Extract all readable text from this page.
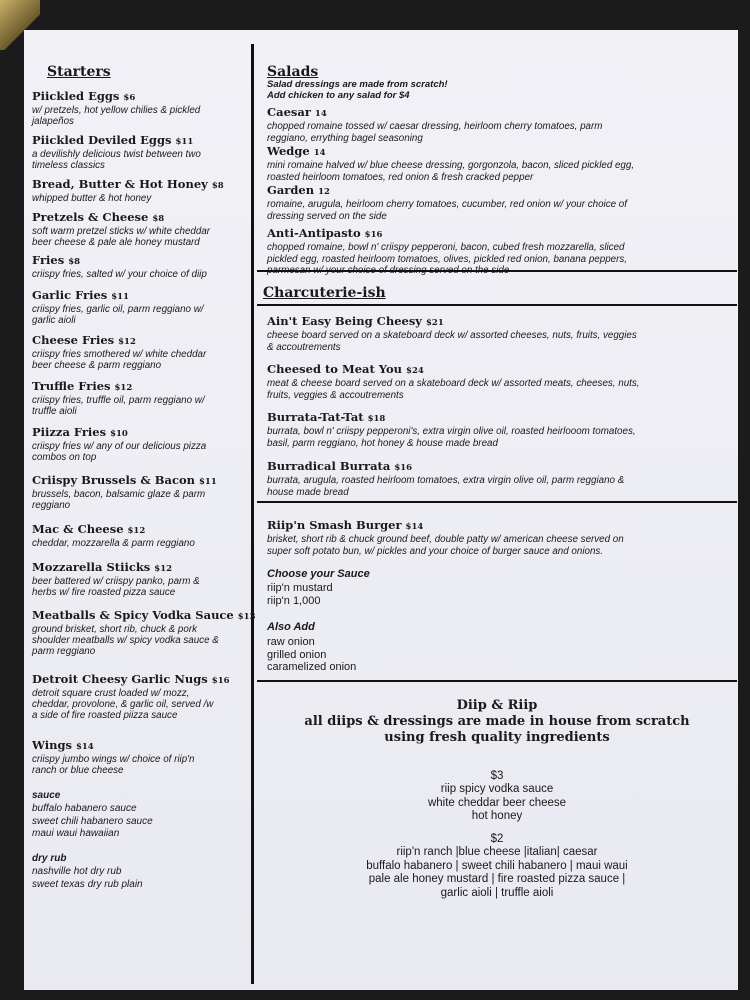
Starters
Piickled Eggs $6
w/ pretzels, hot yellow chilies & pickled
jalapeños
Piickled Deviled Eggs $11
a devilishly delicious twist between two
timeless classics
Bread, Butter & Hot Honey $8
whipped butter & hot honey
Pretzels & Cheese $8
soft warm pretzel sticks w/ white cheddar
beer cheese & pale ale honey mustard
Fries $8
criispy fries, salted w/ your choice of diip
Garlic Fries $11
criispy fries, garlic oil, parm reggiano w/
garlic aioli
Cheese Fries $12
criispy fries smothered w/ white cheddar
beer cheese & parm reggiano
Truffle Fries $12
criispy fries, truffle oil, parm reggiano w/
truffle aioli
Piizza Fries $10
criispy fries w/ any of our delicious pizza
combos on top
Criispy Brussels & Bacon $11
brussels, bacon, balsamic glaze & parm
reggiano
Mac & Cheese $12
cheddar, mozzarella & parm reggiano
Mozzarella Stiicks $12
beer battered w/ criispy panko, parm &
herbs w/ fire roasted pizza sauce
Meatballs & Spicy Vodka Sauce $13
ground brisket, short rib, chuck & pork
shoulder meatballs w/ spicy vodka sauce &
parm reggiano
Detroit Cheesy Garlic Nugs $16
detroit square crust loaded w/ mozz,
cheddar, provolone, & garlic oil, served /w
a side of fire roasted piizza sauce
Wings $14
criispy jumbo wings w/ choice of riip'n
ranch or blue cheese
sauce
buffalo habanero sauce
sweet chili habanero sauce
maui waui hawaiian
dry rub
nashville hot dry rub
sweet texas dry rub plain
Salads
Salad dressings are made from scratch!
Add chicken to any salad for $4
Caesar 14
chopped romaine tossed w/ caesar dressing, heirloom cherry tomatoes, parm
reggiano, errything bagel seasoning
Wedge 14
mini romaine halved w/ blue cheese dressing, gorgonzola, bacon, sliced pickled egg,
roasted heirloom tomatoes, red onion & fresh cracked pepper
Garden 12
romaine, arugula, heirloom cherry tomatoes, cucumber, red onion w/ your choice of
dressing served on the side
Anti-Antipasto $16
chopped romaine, bowl n' criispy pepperoni, bacon, cubed fresh mozzarella, sliced
pickled egg, roasted heirloom tomatoes, olives, pickled red onion, banana peppers,
Charcuterie-ish
Ain't Easy Being Cheesy $21
cheese board served on a skateboard deck w/ assorted cheeses, nuts, fruits, veggies
& accoutrements
Cheesed to Meat You $24
meat & cheese board served on a skateboard deck w/ assorted meats, cheeses, nuts,
fruits, veggies & accoutrements
Burrata-Tat-Tat $18
burrata, bowl n' criispy pepperoni's, extra virgin olive oil, roasted heirlooom tomatoes,
basil, parm reggiano, hot honey & house made bread
Burradical Burrata $16
burrata, arugula, roasted heirloom tomatoes, extra virgin olive oil, parm reggiano &
house made bread
Riip'n Smash Burger $14
brisket, short rib & chuck ground beef, double patty w/ american cheese served on
super soft potato bun, w/ pickles and your choice of burger sauce and onions.
Choose your Sauce
riip'n mustard
riip'n 1,000
Also Add
raw onion
grilled onion
caramelized onion
Diip & Riip
all diips & dressings are made in house from scratch
using fresh quality ingredients
$3
riip spicy vodka sauce
white cheddar beer cheese
hot honey
$2
riip'n ranch |blue cheese |italian| caesar
buffalo habanero | sweet chili habanero | maui waui
pale ale honey mustard | fire roasted pizza sauce |
garlic aioli | truffle aioli
